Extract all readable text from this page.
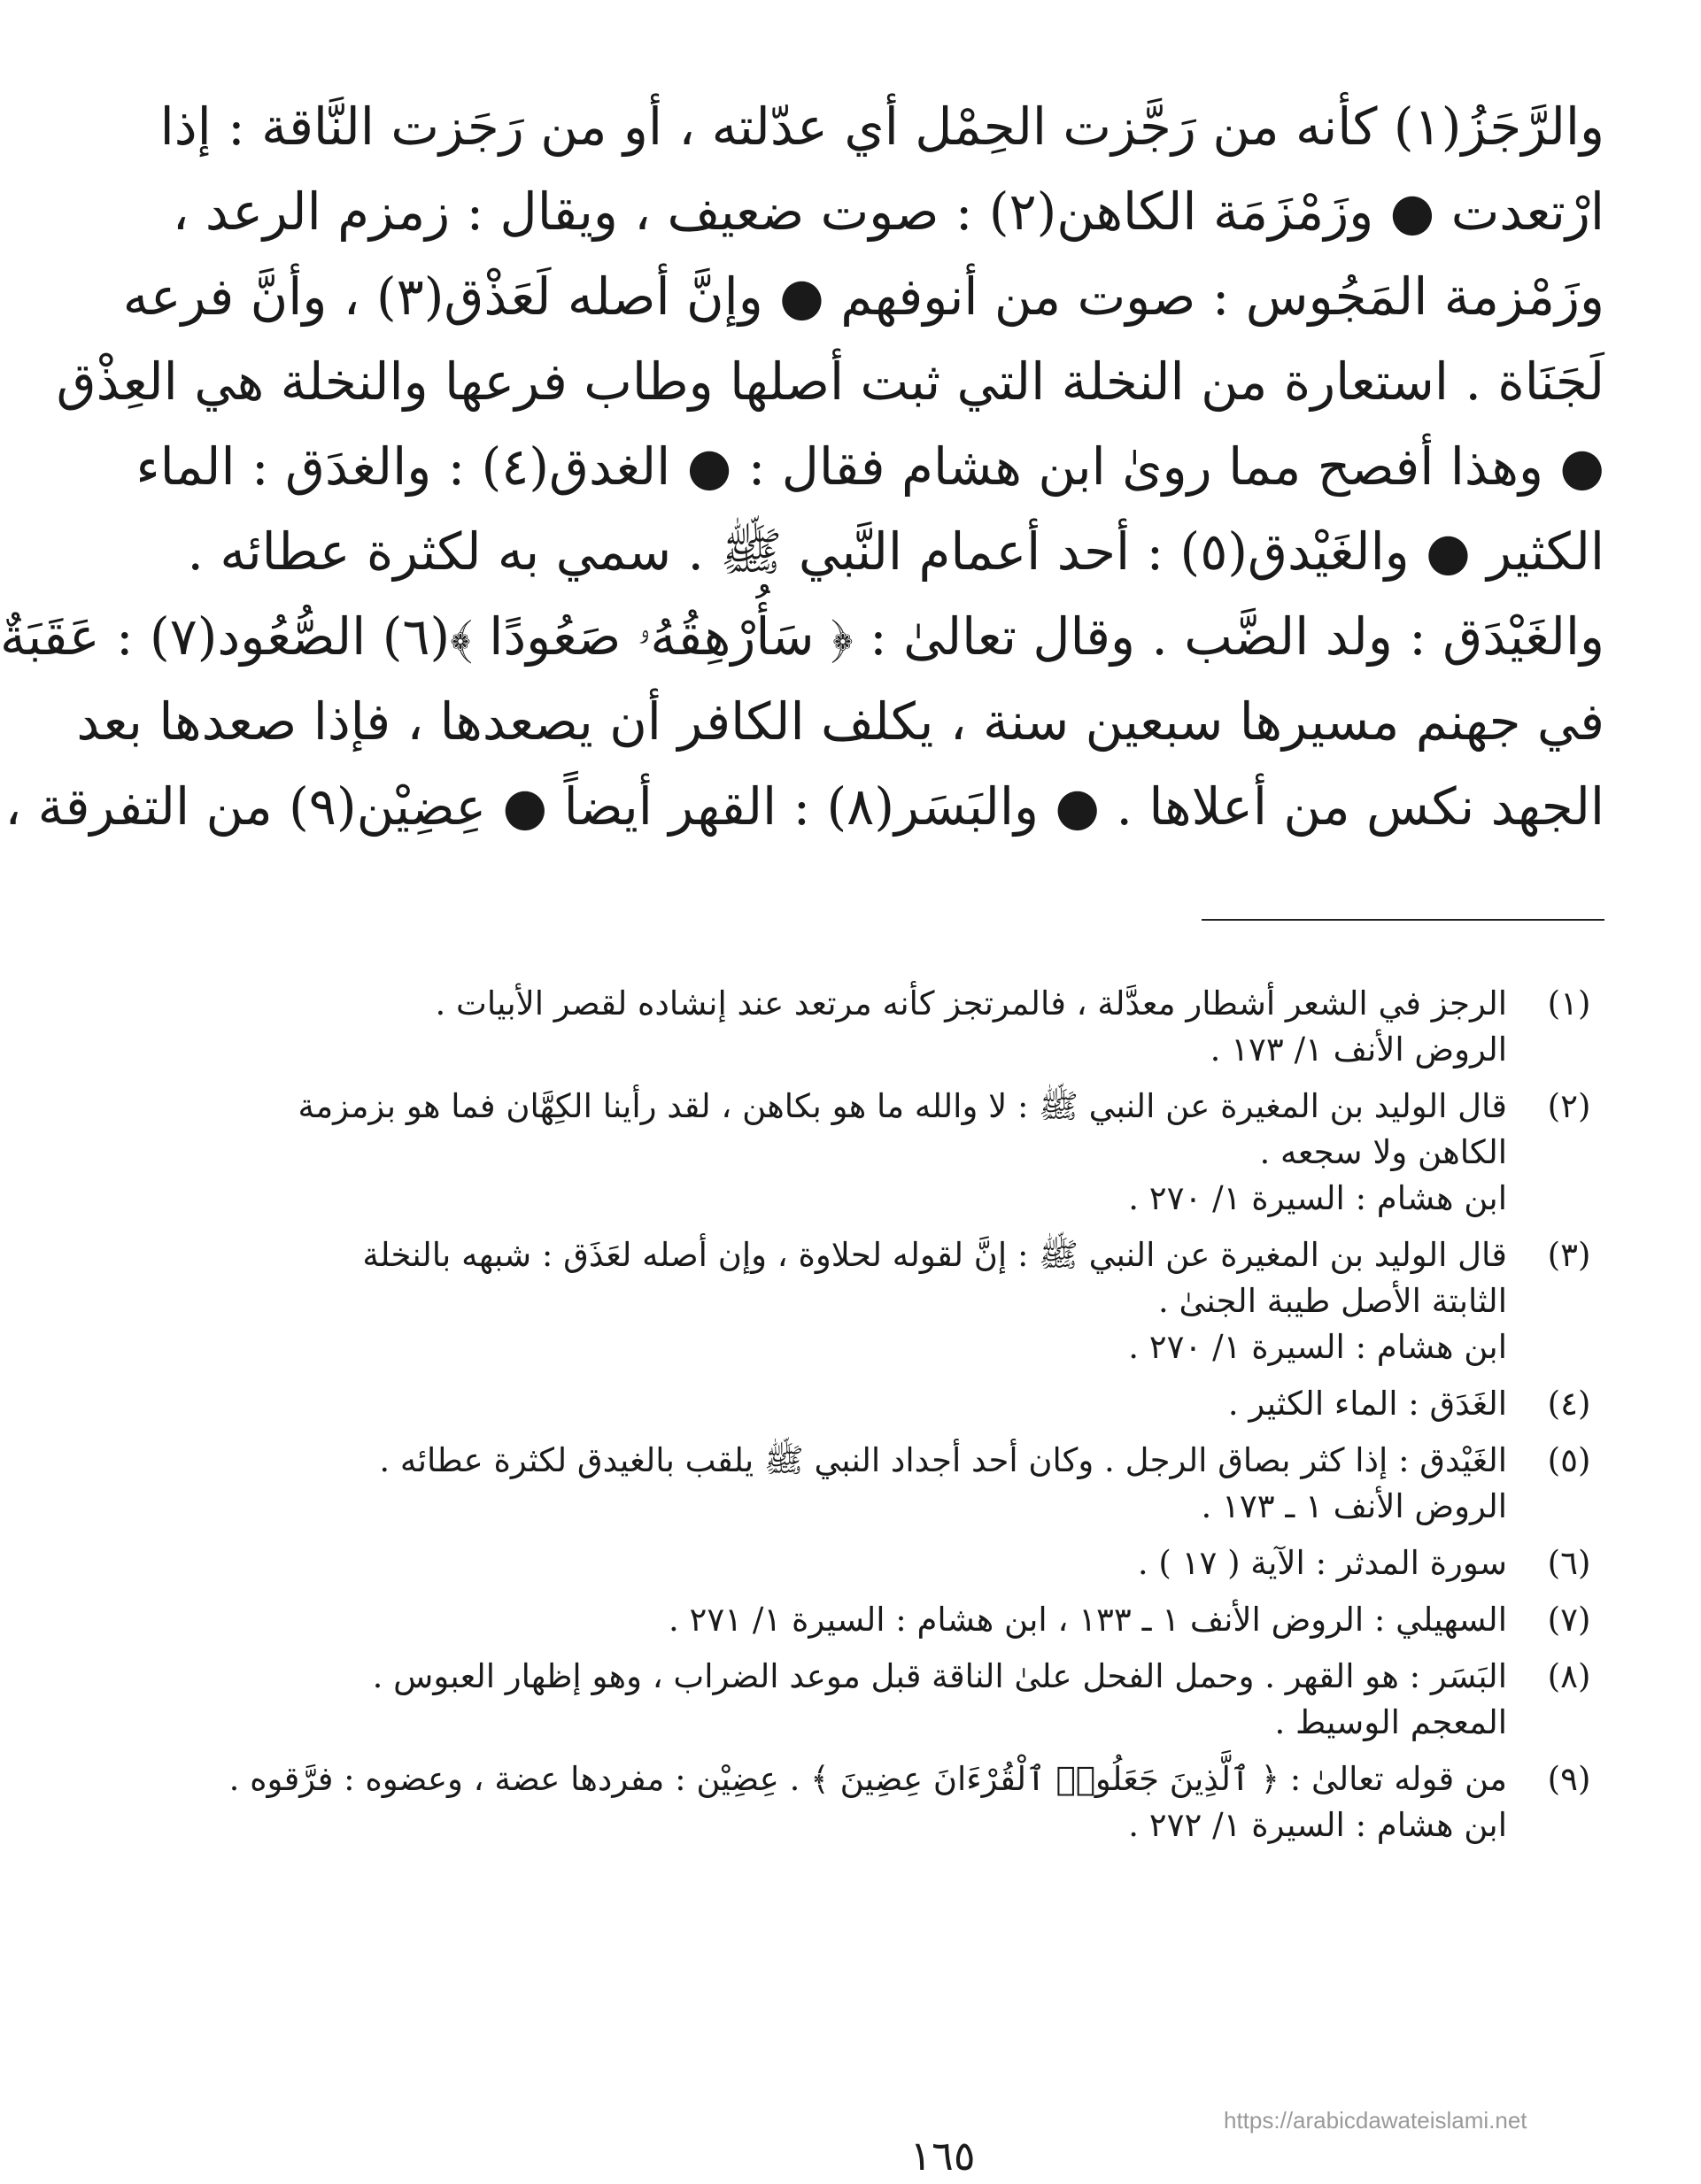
والرَّجَزُ(١) كأنه من رَجَّزت الحِمْل أي عدّلته ، أو من رَجَزت النَّاقة : إذا
ارْتعدت ● وزَمْزَمَة الكاهن(٢) : صوت ضعيف ، ويقال : زمزم الرعد ،
وزَمْزمة المَجُوس : صوت من أنوفهم ● وإنَّ أصله لَعَذْق(٣) ، وأنَّ فرعه
لَجَنَاة . استعارة من النخلة التي ثبت أصلها وطاب فرعها والنخلة هي العِذْق
● وهذا أفصح مما روىٰ ابن هشام فقال : ● الغدق(٤) : والغدَق : الماء
الكثير ● والغَيْدق(٥) : أحد أعمام النَّبي ﷺ . سمي به لكثرة عطائه .
والغَيْدَق : ولد الضَّب . وقال تعالىٰ : ﴿ سَأُرْهِقُهُۥ صَعُودًا ﴾(٦) الصُّعُود(٧) : عَقَبَةٌ
في جهنم مسيرها سبعين سنة ، يكلف الكافر أن يصعدها ، فإذا صعدها بعد
الجهد نكس من أعلاها . ● والبَسَر(٨) : القهر أيضاً ● عِضِيْن(٩) من التفرقة ،
(١)
الرجز في الشعر أشطار معدَّلة ، فالمرتجز كأنه مرتعد عند إنشاده لقصر الأبيات .
الروض الأنف ١/ ١٧٣ .
(٢)
قال الوليد بن المغيرة عن النبي ﷺ : لا والله ما هو بكاهن ، لقد رأينا الكِهَّان فما هو بزمزمة
الكاهن ولا سجعه .
ابن هشام : السيرة ١/ ٢٧٠ .
(٣)
قال الوليد بن المغيرة عن النبي ﷺ : إنَّ لقوله لحلاوة ، وإن أصله لعَذَق : شبهه بالنخلة
الثابتة الأصل طيبة الجنىٰ .
ابن هشام : السيرة ١/ ٢٧٠ .
(٤)
الغَدَق : الماء الكثير .
(٥)
الغَيْدق : إذا كثر بصاق الرجل . وكان أحد أجداد النبي ﷺ يلقب بالغيدق لكثرة عطائه .
الروض الأنف ١ ـ ١٧٣ .
(٦)
سورة المدثر : الآية ( ١٧ ) .
(٧)
السهيلي : الروض الأنف ١ ـ ١٣٣ ، ابن هشام : السيرة ١/ ٢٧١ .
(٨)
البَسَر : هو القهر . وحمل الفحل علىٰ الناقة قبل موعد الضراب ، وهو إظهار العبوس .
المعجم الوسيط .
(٩)
من قوله تعالىٰ : ﴿ ٱلَّذِينَ جَعَلُوا۟ ٱلْقُرْءَانَ عِضِينَ ﴾ . عِضِيْن : مفردها عضة ، وعضوه : فرَّقوه .
ابن هشام : السيرة ١/ ٢٧٢ .
https://arabicdawateislami.net
١٦٥
